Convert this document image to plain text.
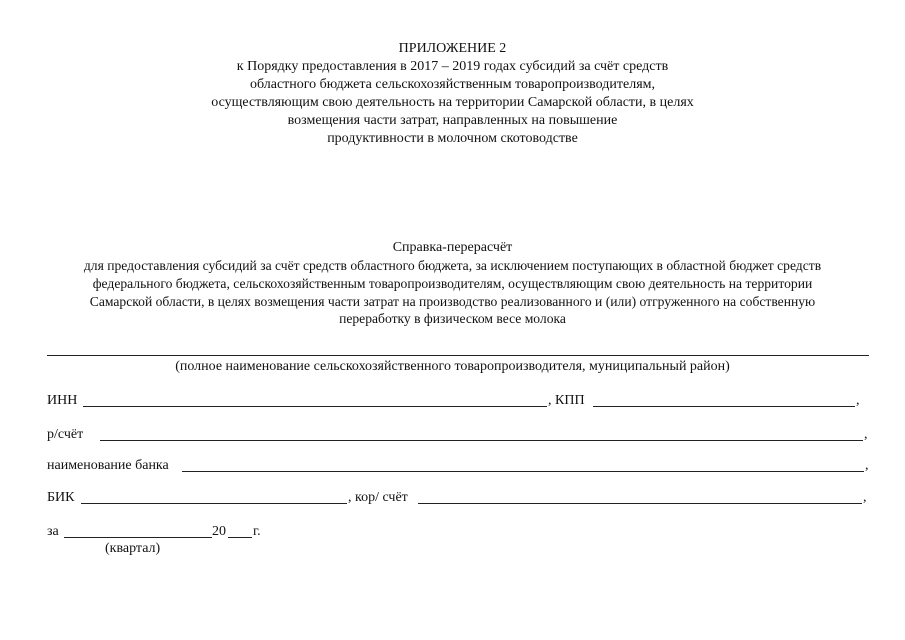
ПРИЛОЖЕНИЕ 2
к Порядку предоставления в 2017 – 2019 годах субсидий за счёт средств
областного бюджета сельскохозяйственным товаропроизводителям,
осуществляющим свою деятельность на территории Самарской области, в целях
возмещения части затрат, направленных на повышение
продуктивности в молочном скотоводстве
Справка-перерасчёт
для предоставления субсидий за счёт средств областного бюджета, за исключением поступающих в областной бюджет средств
федерального бюджета, сельскохозяйственным товаропроизводителям, осуществляющим свою деятельность на территории
Самарской области, в целях возмещения части затрат на производство реализованного и (или) отгруженного на собственную
переработку в физическом весе молока
(полное наименование сельскохозяйственного товаропроизводителя, муниципальный район)
ИНН	, КПП	,
р/счёт	,
наименование банка	,
БИК	, кор/ счёт	,
за	20 г.
(квартал)
